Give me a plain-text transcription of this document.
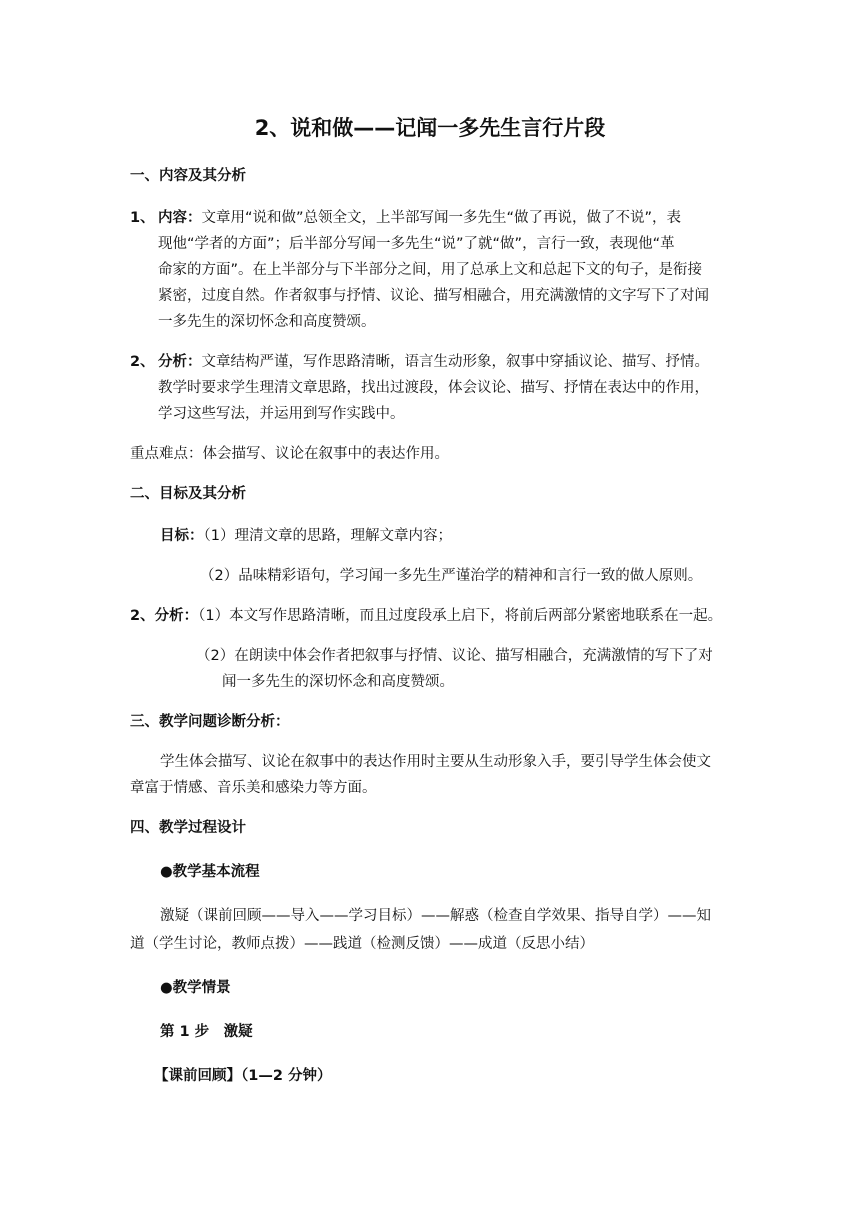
2、说和做——记闻一多先生言行片段
一、内容及其分析
1、 内容：文章用“说和做”总领全文，上半部写闻一多先生“做了再说，做了不说”，表
现他“学者的方面”；后半部分写闻一多先生“说”了就“做”，言行一致，表现他“革
命家的方面”。在上半部分与下半部分之间，用了总承上文和总起下文的句子，是衔接
紧密，过度自然。作者叙事与抒情、议论、描写相融合，用充满激情的文字写下了对闻
一多先生的深切怀念和高度赞颂。
2、 分析：文章结构严谨，写作思路清晰，语言生动形象，叙事中穿插议论、描写、抒情。
教学时要求学生理清文章思路，找出过渡段，体会议论、描写、抒情在表达中的作用，
学习这些写法，并运用到写作实践中。
重点难点：体会描写、议论在叙事中的表达作用。
二、目标及其分析
目标：（1）理清文章的思路，理解文章内容；
（2）品味精彩语句，学习闻一多先生严谨治学的精神和言行一致的做人原则。
2、分析：（1）本文写作思路清晰，而且过度段承上启下，将前后两部分紧密地联系在一起。
（2）在朗读中体会作者把叙事与抒情、议论、描写相融合，充满激情的写下了对
闻一多先生的深切怀念和高度赞颂。
三、教学问题诊断分析：
学生体会描写、议论在叙事中的表达作用时主要从生动形象入手，要引导学生体会使文
章富于情感、音乐美和感染力等方面。
四、教学过程设计
●教学基本流程
激疑（课前回顾——导入——学习目标）——解惑（检查自学效果、指导自学）——知
道（学生讨论，教师点拨）——践道（检测反馈）——成道（反思小结）
●教学情景
第 1 步　激疑
【课前回顾】（1—2 分钟）
